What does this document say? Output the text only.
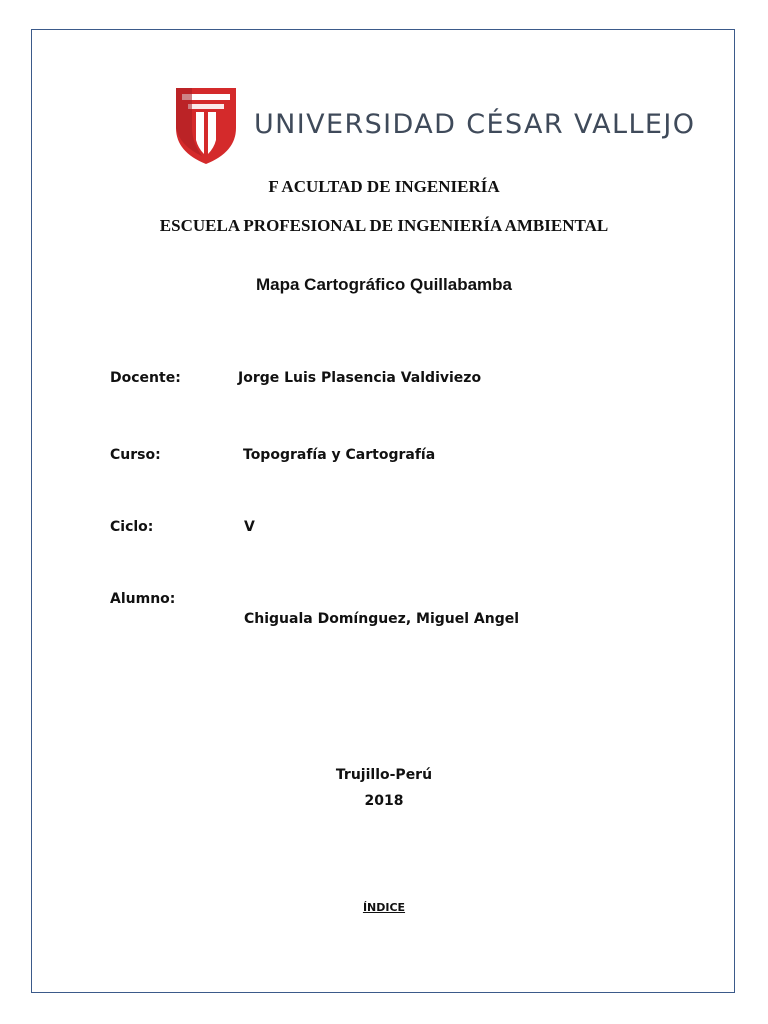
UNIVERSIDAD CÉSAR VALLEJO
F ACULTAD DE INGENIERÍA
ESCUELA PROFESIONAL DE INGENIERÍA AMBIENTAL
Mapa Cartográfico Quillabamba
Docente:	Jorge Luis Plasencia Valdiviezo
Curso:	Topografía y Cartografía
Ciclo:	V
Alumno:
Chiguala Domínguez, Miguel Angel
Trujillo-Perú
2018
ÍNDICE
